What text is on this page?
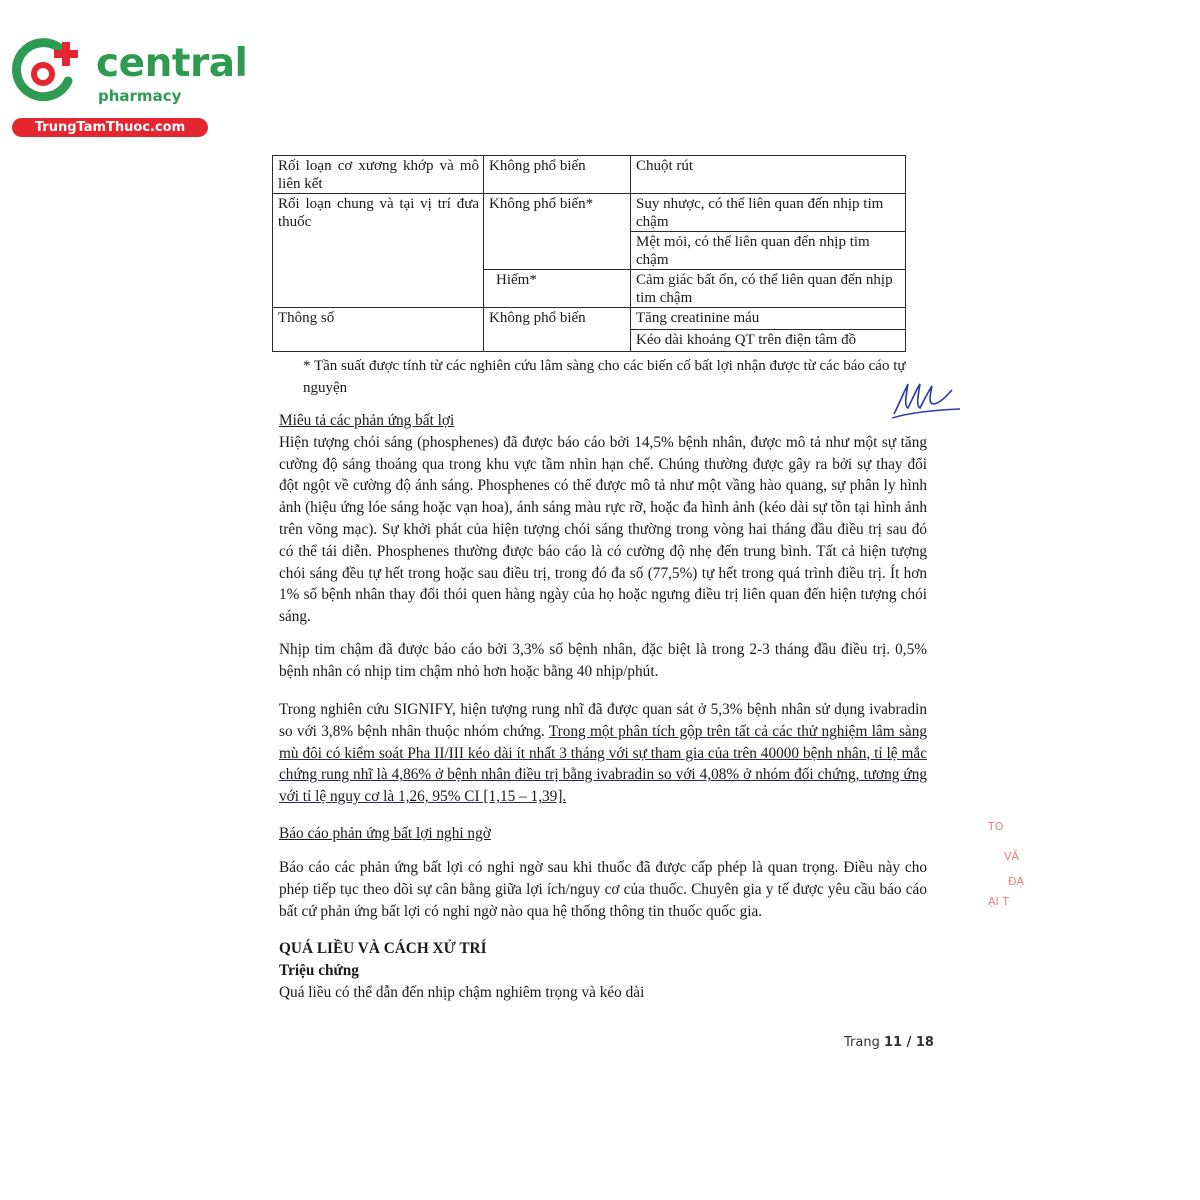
central
pharmacy
TrungTamThuoc.com
Rối loạn cơ xương khớp và mô liên kết	Không phổ biến	Chuột rút
Rối loạn chung và tại vị trí đưa thuốc	Không phổ biến*	Suy nhược, có thể liên quan đến nhịp tim chậm
		Mệt mỏi, có thể liên quan đến nhịp tim chậm
	Hiếm*	Cảm giác bất ổn, có thể liên quan đến nhịp tim chậm
Thông số	Không phổ biến	Tăng creatinine máu
		Kéo dài khoảng QT trên điện tâm đồ
* Tần suất được tính từ các nghiên cứu lâm sàng cho các biến cố bất lợi nhận được từ các báo cáo tự nguyện
Miêu tả các phản ứng bất lợi
Hiện tượng chói sáng (phosphenes) đã được báo cáo bởi 14,5% bệnh nhân, được mô tả như một sự tăng cường độ sáng thoáng qua trong khu vực tầm nhìn hạn chế. Chúng thường được gây ra bởi sự thay đổi đột ngột về cường độ ánh sáng. Phosphenes có thể được mô tả như một vầng hào quang, sự phân ly hình ảnh (hiệu ứng lóe sáng hoặc vạn hoa), ánh sáng màu rực rỡ, hoặc đa hình ảnh (kéo dài sự tồn tại hình ảnh trên võng mạc). Sự khởi phát của hiện tượng chói sáng thường trong vòng hai tháng đầu điều trị sau đó có thể tái diễn. Phosphenes thường được báo cáo là có cường độ nhẹ đến trung bình. Tất cả hiện tượng chói sáng đều tự hết trong hoặc sau điều trị, trong đó đa số (77,5%) tự hết trong quá trình điều trị. Ít hơn 1% số bệnh nhân thay đổi thói quen hàng ngày của họ hoặc ngưng điều trị liên quan đến hiện tượng chói sáng.
Nhịp tim chậm đã được báo cáo bởi 3,3% số bệnh nhân, đặc biệt là trong 2-3 tháng đầu điều trị. 0,5% bệnh nhân có nhịp tim chậm nhỏ hơn hoặc bằng 40 nhịp/phút.
Trong nghiên cứu SIGNIFY, hiện tượng rung nhĩ đã được quan sát ở 5,3% bệnh nhân sử dụng ivabradin so với 3,8% bệnh nhân thuộc nhóm chứng. Trong một phân tích gộp trên tất cả các thử nghiệm lâm sàng mù đôi có kiểm soát Pha II/III kéo dài ít nhất 3 tháng với sự tham gia của trên 40000 bệnh nhân, tỉ lệ mắc chứng rung nhĩ là 4,86% ở bệnh nhân điều trị bằng ivabradin so với 4,08% ở nhóm đối chứng, tương ứng với tỉ lệ nguy cơ là 1,26, 95% CI [1,15 – 1,39].
Báo cáo phản ứng bất lợi nghi ngờ
Báo cáo các phản ứng bất lợi có nghi ngờ sau khi thuốc đã được cấp phép là quan trọng. Điều này cho phép tiếp tục theo dõi sự cân bằng giữa lợi ích/nguy cơ của thuốc. Chuyên gia y tế được yêu cầu báo cáo bất cứ phản ứng bất lợi có nghi ngờ nào qua hệ thống thông tin thuốc quốc gia.
QUÁ LIỀU VÀ CÁCH XỬ TRÍ
Triệu chứng
Quá liều có thể dẫn đến nhịp chậm nghiêm trọng và kéo dài
Trang 11 / 18
TO
VĂ
ĐẠ
ẠI T
